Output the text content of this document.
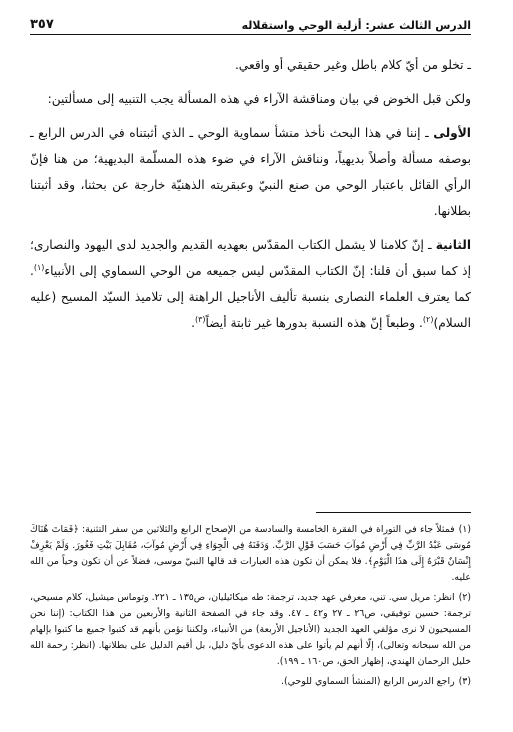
الدرس الثالث عشر: أزلية الوحي واستقلاله
٣٥٧

ـ تخلو من أيّ كلام باطل وغير حقيقي أو واقعي.

ولكن قبل الخوض في بيان ومناقشة الآراء في هذه المسألة يجب التنبيه إلى مسألتين:

الأولى ـ إننا في هذا البحث نأخذ منشأ سماوية الوحي ـ الذي أثبتناه في الدرس الرابع ـ بوصفه مسألة وأصلاً بديهياً، ونناقش الآراء في ضوء هذه المسلّمة البديهية؛ من هنا فإنّ الرأي القائل باعتبار الوحي من صنع النبيّ وعبقريته الذهنيّة خارجة عن بحثنا، وقد أثبتنا بطلانها.

الثانية ـ إنّ كلامنا لا يشمل الكتاب المقدّس بعهديه القديم والجديد لدى اليهود والنصارى؛ إذ كما سبق أن قلنا: إنّ الكتاب المقدّس ليس جميعه من الوحي السماوي إلى الأنبياء$^{(١)}$. كما يعترف العلماء النصارى بنسبة تأليف الأناجيل الراهنة إلى تلاميذ السيّد المسيح (عليه السلام)$^{(٢)}$. وطبعاً إنّ هذه النسبة بدورها غير ثابتة أيضاً$^{(٣)}$.

(١)فمثلاً جاء في التوراة في الفقرة الخامسة والسادسة من الإصحاح الرابع والثلاثين من سفر التثنية: ﴿فَمَاتَ هُنَاكَ مُوسَى عَبْدُ الرَّبِّ فِي أَرْضِ مُوآبَ حَسَبَ قَوْلِ الرَّبِّ. وَدَفَنَهُ فِي الْجِوَاءِ فِي أَرْضِ مُوآبَ، مُقَابِلَ بَيْتِ فَغُورَ. وَلَمْ يَعْرِفْ إِنْسَانٌ قَبْرَهُ إِلَى هذَا الْيَوْمِ﴾. فلا يمكن أن تكون هذه العبارات قد قالها النبيّ موسى، فضلاً عن أن تكون وحياً من الله عليه.

(٢)انظر: مريل سي. تني، معرفي عهد جديد، ترجمة: طه ميكائيليان، ص١٣٥ ـ ٢٢١. وتوماس ميشيل، كلام مسيحي، ترجمة: حسين توفيقي، ص٢٦ ـ ٢٧ و٤٢ ـ ٤٧. وقد جاء في الصفحة الثانية والأربعين من هذا الكتاب: (إننا نحن المسيحيون لا نرى مؤلفي العهد الجديد (الأناجيل الأربعة) من الأنبياء، ولكننا نؤمن بأنهم قد كتبوا جميع ما كتبوا بإلهام من الله سبحانه وتعالى)، إلّا أنهم لم يأتوا على هذه الدعوى بأيّ دليل، بل أقيم الدليل على بطلانها. (انظر: رحمة الله خليل الرحمان الهندي، إظهار الحق، ص١٦٠ ـ ١٩٩).

(٣)راجع الدرس الرابع (المنشأ السماوي للوحي).
